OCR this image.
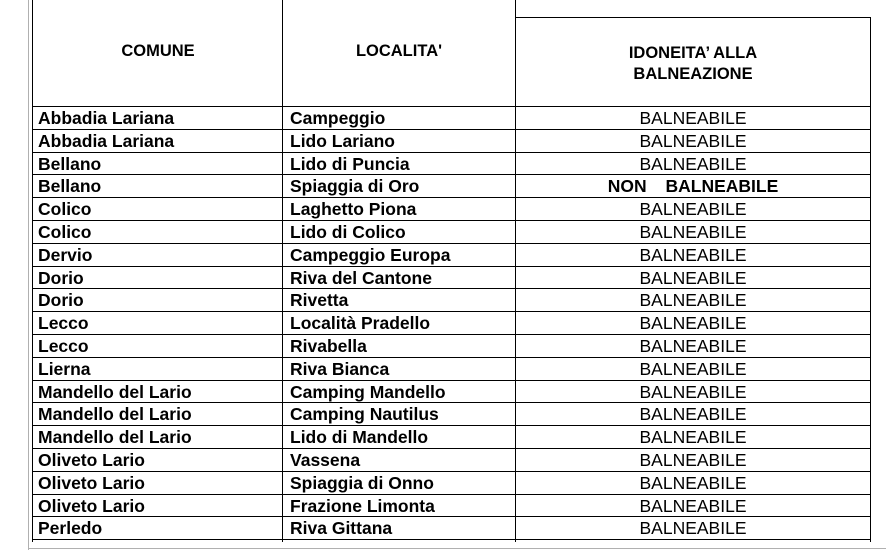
COMUNE	LOCALITA'	IDONEITA’ ALLA
BALNEAZIONE
Abbadia Lariana	Campeggio	BALNEABILE
Abbadia Lariana	Lido Lariano	BALNEABILE
Bellano	Lido di Puncia	BALNEABILE
Bellano	Spiaggia di Oro	NON BALNEABILE
Colico	Laghetto Piona	BALNEABILE
Colico	Lido di Colico	BALNEABILE
Dervio	Campeggio Europa	BALNEABILE
Dorio	Riva del Cantone	BALNEABILE
Dorio	Rivetta	BALNEABILE
Lecco	Località Pradello	BALNEABILE
Lecco	Rivabella	BALNEABILE
Lierna	Riva Bianca	BALNEABILE
Mandello del Lario	Camping Mandello	BALNEABILE
Mandello del Lario	Camping Nautilus	BALNEABILE
Mandello del Lario	Lido di Mandello	BALNEABILE
Oliveto Lario	Vassena	BALNEABILE
Oliveto Lario	Spiaggia di Onno	BALNEABILE
Oliveto Lario	Frazione Limonta	BALNEABILE
Perledo	Riva Gittana	BALNEABILE
